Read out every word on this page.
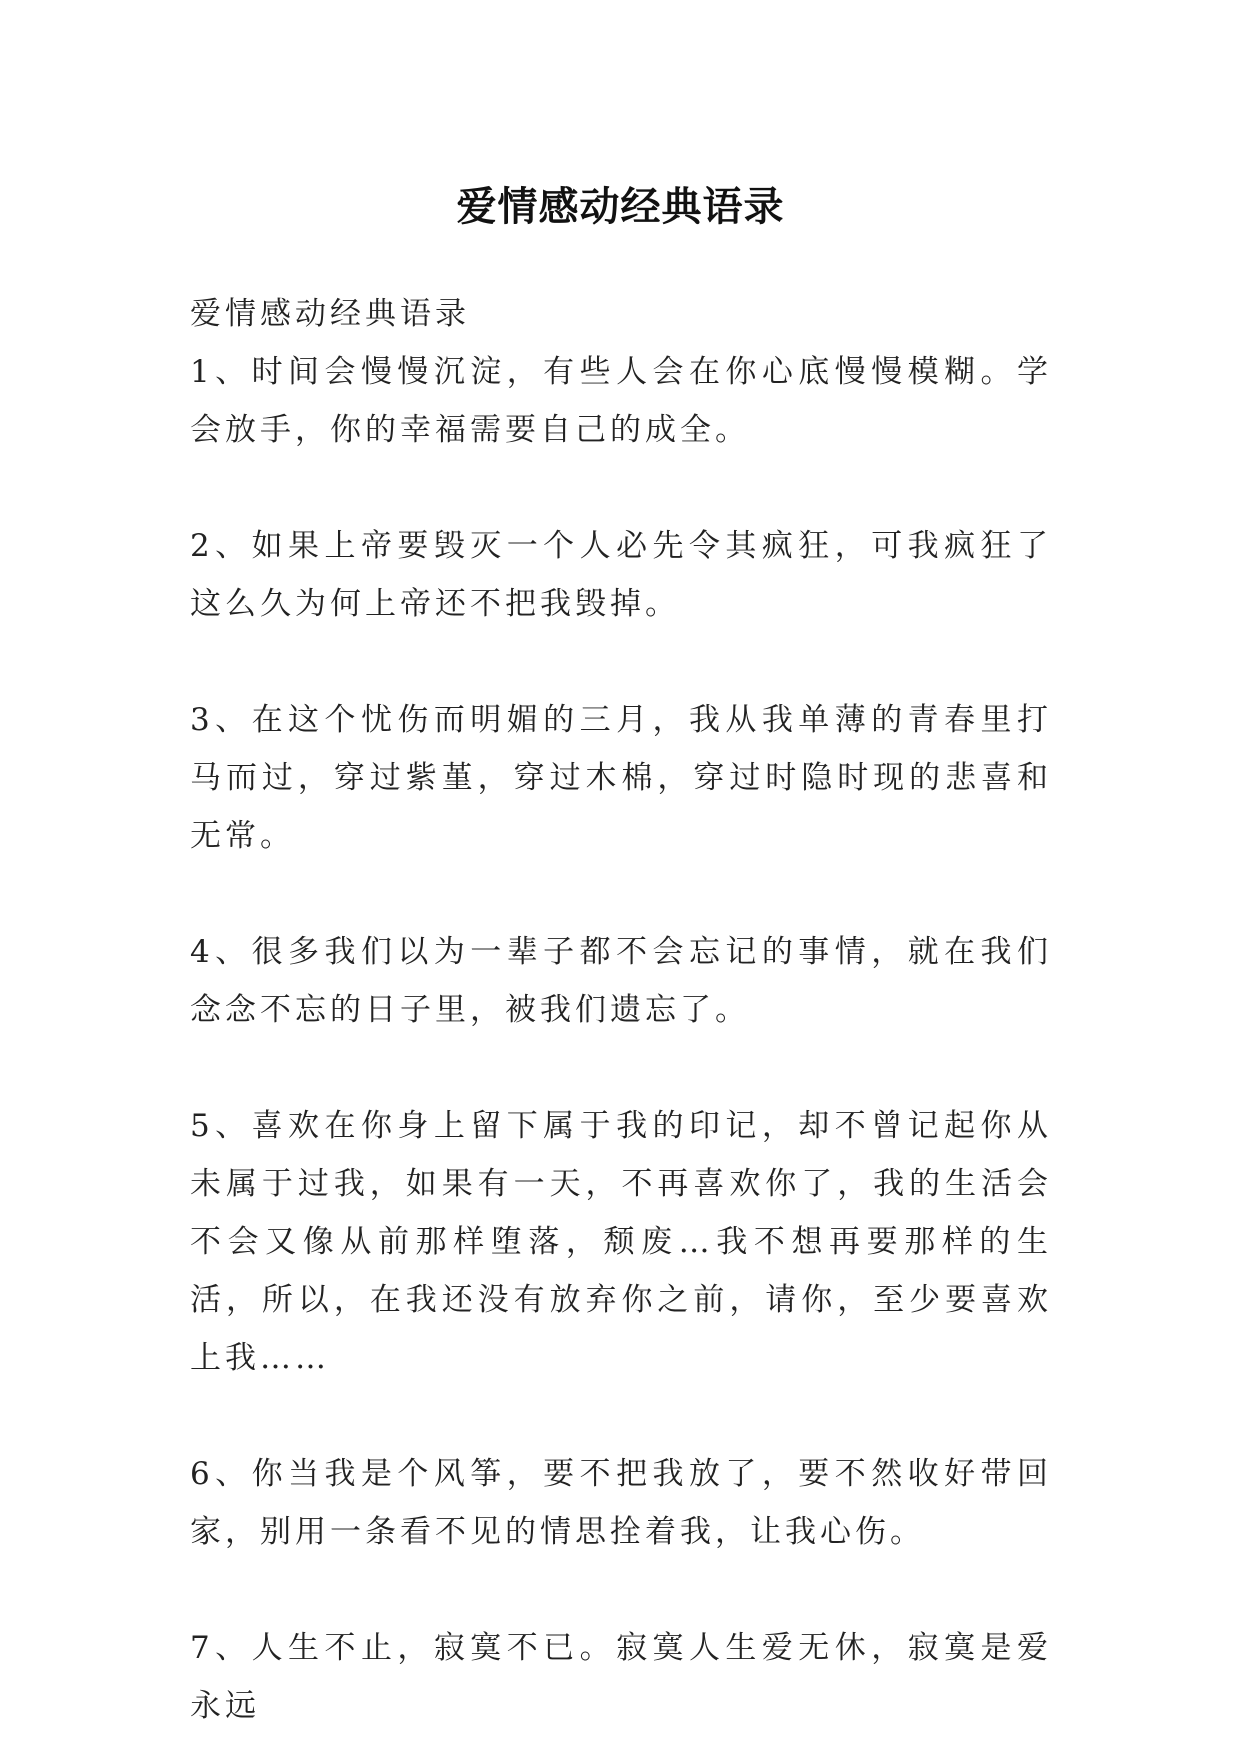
爱情感动经典语录

爱情感动经典语录

1、时间会慢慢沉淀，有些人会在你心底慢慢模糊。学会放手，你的幸福需要自己的成全。

2、如果上帝要毁灭一个人必先令其疯狂，可我疯狂了这么久为何上帝还不把我毁掉。

3、在这个忧伤而明媚的三月，我从我单薄的青春里打马而过，穿过紫堇，穿过木棉，穿过时隐时现的悲喜和无常。

4、很多我们以为一辈子都不会忘记的事情，就在我们念念不忘的日子里，被我们遗忘了。

5、喜欢在你身上留下属于我的印记，却不曾记起你从未属于过我，如果有一天，不再喜欢你了，我的生活会不会又像从前那样堕落，颓废…我不想再要那样的生活，所以，在我还没有放弃你之前，请你，至少要喜欢上我……

6、你当我是个风筝，要不把我放了，要不然收好带回家，别用一条看不见的情思拴着我，让我心伤。

7、人生不止，寂寞不已。寂寞人生爱无休，寂寞是爱永远
